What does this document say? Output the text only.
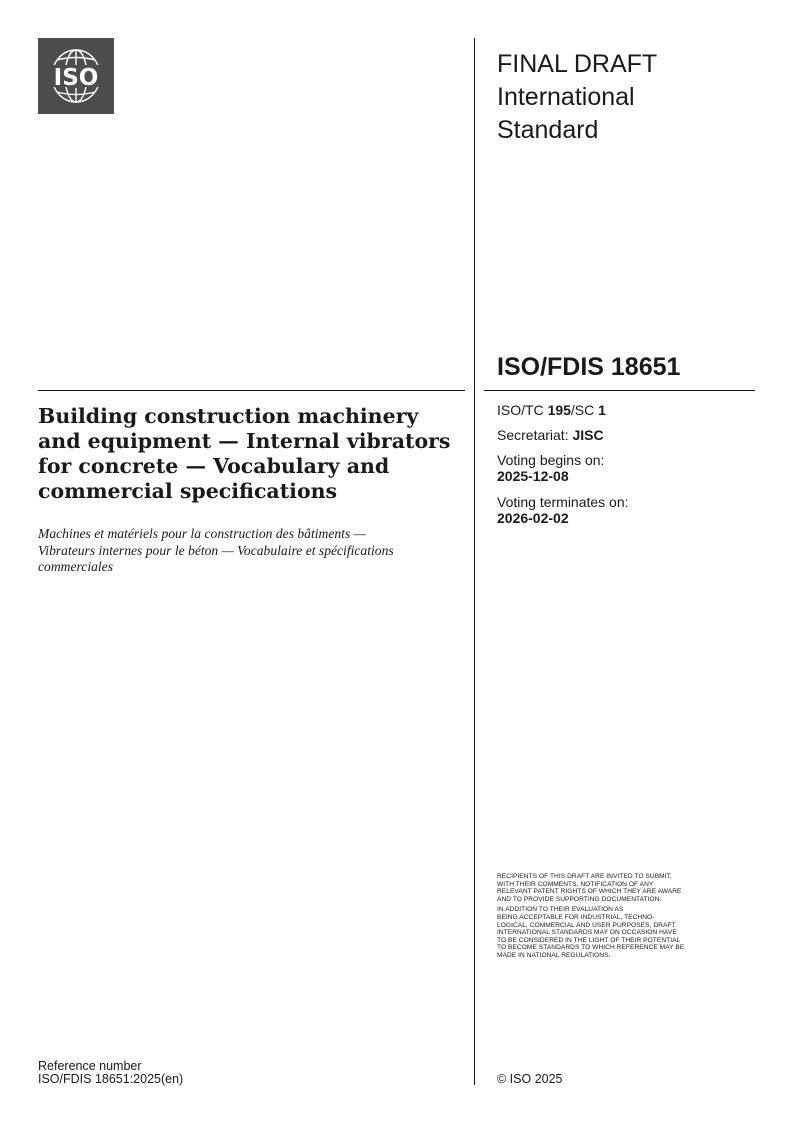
ISO	FINAL DRAFT
International
Standard
ISO/FDIS 18651
Building construction machinery
and equipment — Internal vibrators
for concrete — Vocabulary and
commercial specifications
Machines et matériels pour la construction des bâtiments —
Vibrateurs internes pour le béton — Vocabulaire et spécifications
commerciales
ISO/TC 195/SC 1
Secretariat: JISC
Voting begins on:
2025-12-08
Voting terminates on:
2026-02-02

RECIPIENTS OF THIS DRAFT ARE INVITED TO SUBMIT,
WITH THEIR COMMENTS, NOTIFICATION OF ANY
RELEVANT PATENT RIGHTS OF WHICH THEY ARE AWARE
AND TO PROVIDE SUPPORTING DOCUMENTATION.

IN ADDITION TO THEIR EVALUATION AS
BEING ACCEPTABLE FOR INDUSTRIAL, TECHNO-
LOGICAL, COMMERCIAL AND USER PURPOSES, DRAFT
INTERNATIONAL STANDARDS MAY ON OCCASION HAVE
TO BE CONSIDERED IN THE LIGHT OF THEIR POTENTIAL
TO BECOME STANDARDS TO WHICH REFERENCE MAY BE
MADE IN NATIONAL REGULATIONS.

Reference number
ISO/FDIS 18651:2025(en)	© ISO 2025
